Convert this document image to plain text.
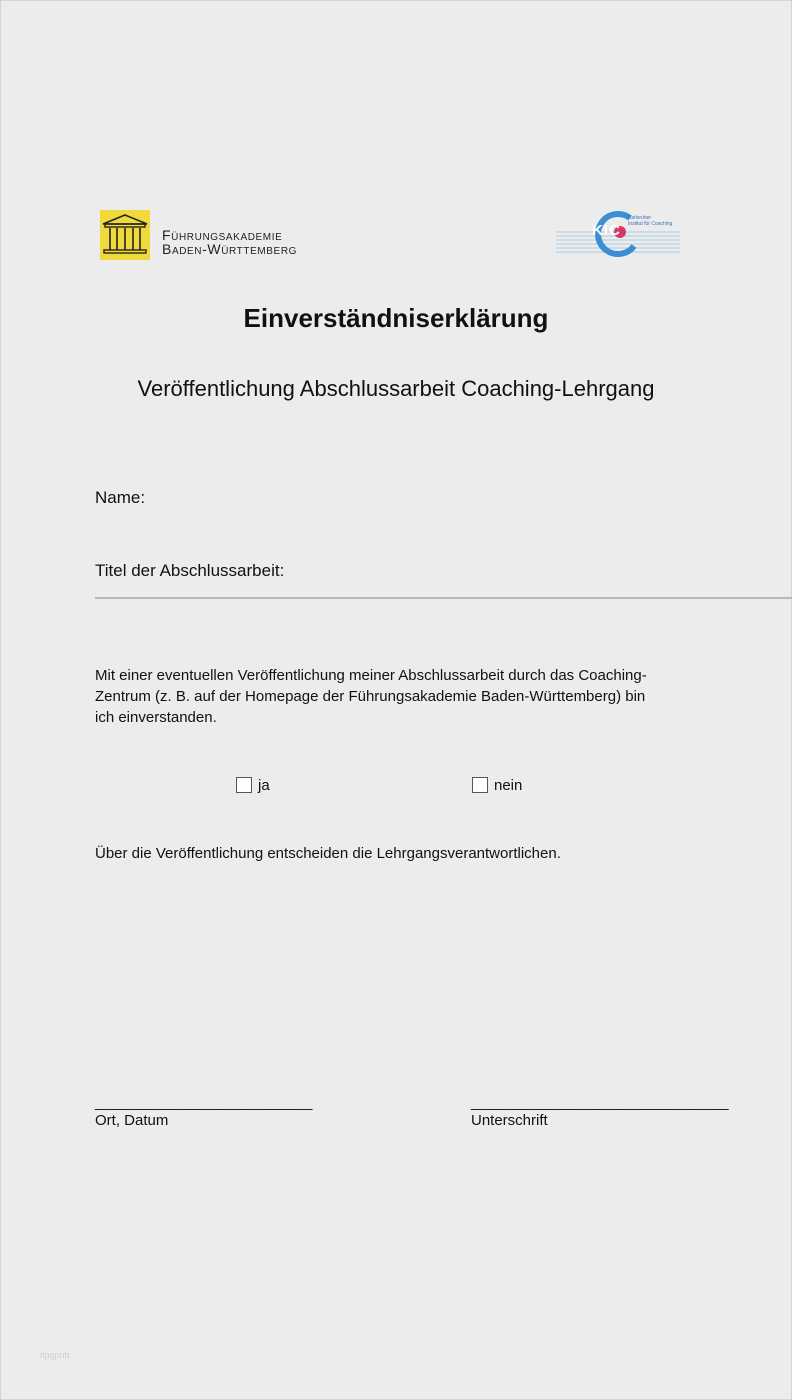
Führungsakademie
Baden-Württemberg
KIC
Karlsruher
Institut für Coaching
Einverständniserklärung
Veröffentlichung Abschlussarbeit Coaching-Lehrgang
Name:
Titel der Abschlussarbeit:
Mit einer eventuellen Veröffentlichung meiner Abschlussarbeit durch das Coaching-
Zentrum (z. B. auf der Homepage der Führungsakademie Baden-Württemberg) bin
ich einverstanden.
ja	nein
Über die Veröffentlichung entscheiden die Lehrgangsverantwortlichen.
___________________________
Ort, Datum
________________________________
Unterschrift
ifpgpub
